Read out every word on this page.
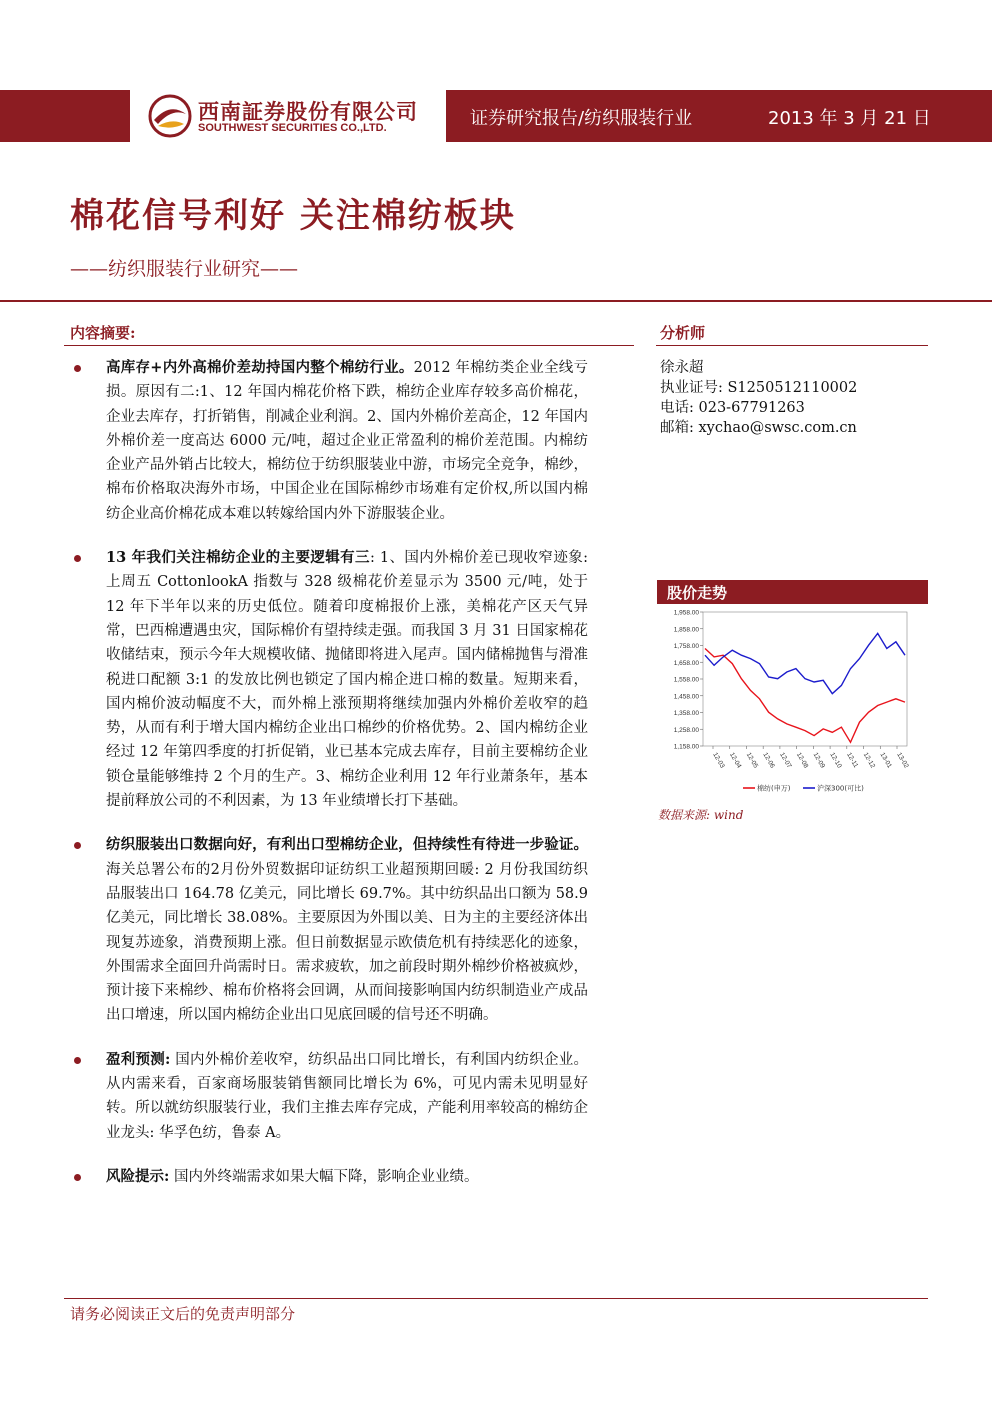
西南証券股份有限公司
SOUTHWEST SECURITIES CO.,LTD.	证券研究报告/纺织服装行业	2013 年 3 月 21 日
棉花信号利好 关注棉纺板块
——纺织服装行业研究——
内容摘要:
高库存+内外高棉价差劫持国内整个棉纺行业。2012 年棉纺类企业全线亏损。原因有二:1、12 年国内棉花价格下跌，棉纺企业库存较多高价棉花，企业去库存，打折销售，削减企业利润。2、国内外棉价差高企，12 年国内外棉价差一度高达 6000 元/吨，超过企业正常盈利的棉价差范围。内棉纺企业产品外销占比较大，棉纺位于纺织服装业中游，市场完全竞争，棉纱，棉布价格取决海外市场，中国企业在国际棉纱市场难有定价权,所以国内棉纺企业高价棉花成本难以转嫁给国内外下游服装企业。
13 年我们关注棉纺企业的主要逻辑有三: 1、国内外棉价差已现收窄迹象: 上周五 CottonlookA 指数与 328 级棉花价差显示为 3500 元/吨，处于 12 年下半年以来的历史低位。随着印度棉报价上涨，美棉花产区天气异常，巴西棉遭遇虫灾，国际棉价有望持续走强。而我国 3 月 31 日国家棉花收储结束，预示今年大规模收储、抛储即将进入尾声。国内储棉抛售与滑准税进口配额 3:1 的发放比例也锁定了国内棉企进口棉的数量。短期来看，国内棉价波动幅度不大，而外棉上涨预期将继续加强内外棉价差收窄的趋势，从而有利于增大国内棉纺企业出口棉纱的价格优势。2、国内棉纺企业经过 12 年第四季度的打折促销，业已基本完成去库存，目前主要棉纺企业锁仓量能够维持 2 个月的生产。3、棉纺企业利用 12 年行业萧条年，基本提前释放公司的不利因素，为 13 年业绩增长打下基础。
纺织服装出口数据向好，有利出口型棉纺企业，但持续性有待进一步验证。海关总署公布的2月份外贸数据印证纺织工业超预期回暖: 2 月份我国纺织品服装出口 164.78 亿美元，同比增长 69.7%。其中纺织品出口额为 58.9 亿美元，同比增长 38.08%。主要原因为外围以美、日为主的主要经济体出现复苏迹象，消费预期上涨。但日前数据显示欧债危机有持续恶化的迹象，外围需求全面回升尚需时日。需求疲软，加之前段时期外棉纱价格被疯炒，预计接下来棉纱、棉布价格将会回调，从而间接影响国内纺织制造业产成品出口增速，所以国内棉纺企业出口见底回暖的信号还不明确。
盈利预测: 国内外棉价差收窄，纺织品出口同比增长，有利国内纺织企业。从内需来看，百家商场服装销售额同比增长为 6%，可见内需未见明显好转。所以就纺织服装行业，我们主推去库存完成，产能利用率较高的棉纺企业龙头: 华孚色纺，鲁泰 A。
风险提示: 国内外终端需求如果大幅下降，影响企业业绩。
分析师
徐永超
执业证号: S1250512110002
电话: 023-67791263
邮箱: xychao@swsc.com.cn
股价走势
1,958.00
1,858.00
1,758.00
1,658.00
1,558.00
1,458.00
1,358.00
1,258.00
1,158.00
12-03 12-04 12-05 12-06 12-07 12-08 12-09 12-10 12-11 12-12 13-01 13-02
棉纺(申万)	沪深300(可比)
数据来源: wind
请务必阅读正文后的免责声明部分
